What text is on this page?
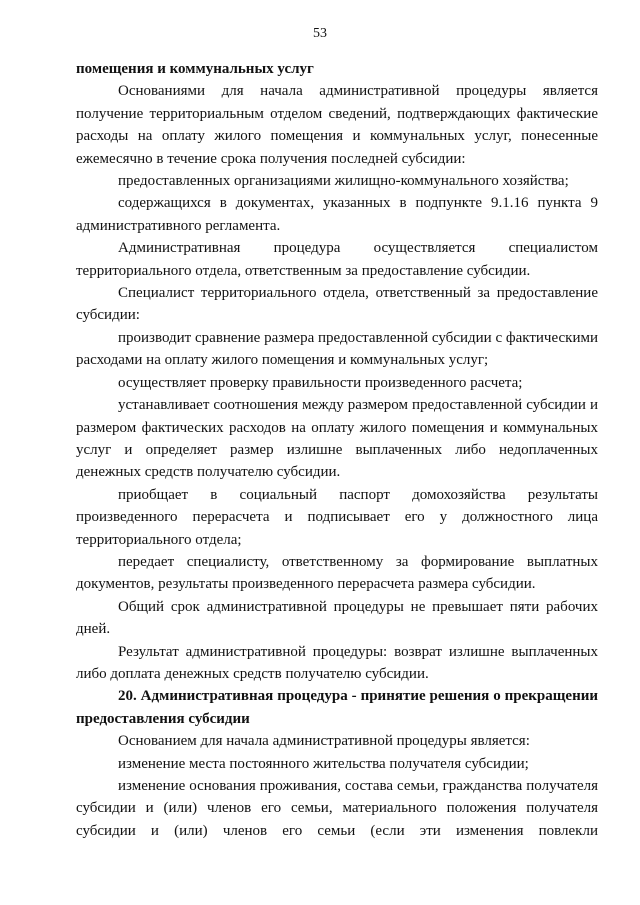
53

помещения и коммунальных услуг

Основаниями для начала административной процедуры является получение территориальным отделом сведений, подтверждающих фактические расходы на оплату жилого помещения и коммунальных услуг, понесенные ежемесячно в течение срока получения последней субсидии:

предоставленных организациями жилищно-коммунального хозяйства;

содержащихся в документах, указанных в подпункте 9.1.16 пункта 9 административного регламента.

Административная процедура осуществляется специалистом территориального отдела, ответственным за предоставление субсидии.

Специалист территориального отдела, ответственный за предоставление субсидии:

производит сравнение размера предоставленной субсидии с фактическими расходами на оплату жилого помещения и коммунальных услуг;

осуществляет проверку правильности произведенного расчета;

устанавливает соотношения между размером предоставленной субсидии и размером фактических расходов на оплату жилого помещения и коммунальных услуг и определяет размер излишне выплаченных либо недоплаченных денежных средств получателю субсидии.

приобщает в социальный паспорт домохозяйства результаты произведенного перерасчета и подписывает его у должностного лица территориального отдела;

передает специалисту, ответственному за формирование выплатных документов, результаты произведенного перерасчета размера субсидии.

Общий срок административной процедуры не превышает пяти рабочих дней.

Результат административной процедуры: возврат излишне выплаченных либо доплата денежных средств получателю субсидии.

20. Административная процедура - принятие решения о прекращении предоставления субсидии

Основанием для начала административной процедуры является:

изменение места постоянного жительства получателя субсидии;

изменение основания проживания, состава семьи, гражданства получателя субсидии и (или) членов его семьи, материального положения получателя субсидии и (или) членов его семьи (если эти изменения повлекли
